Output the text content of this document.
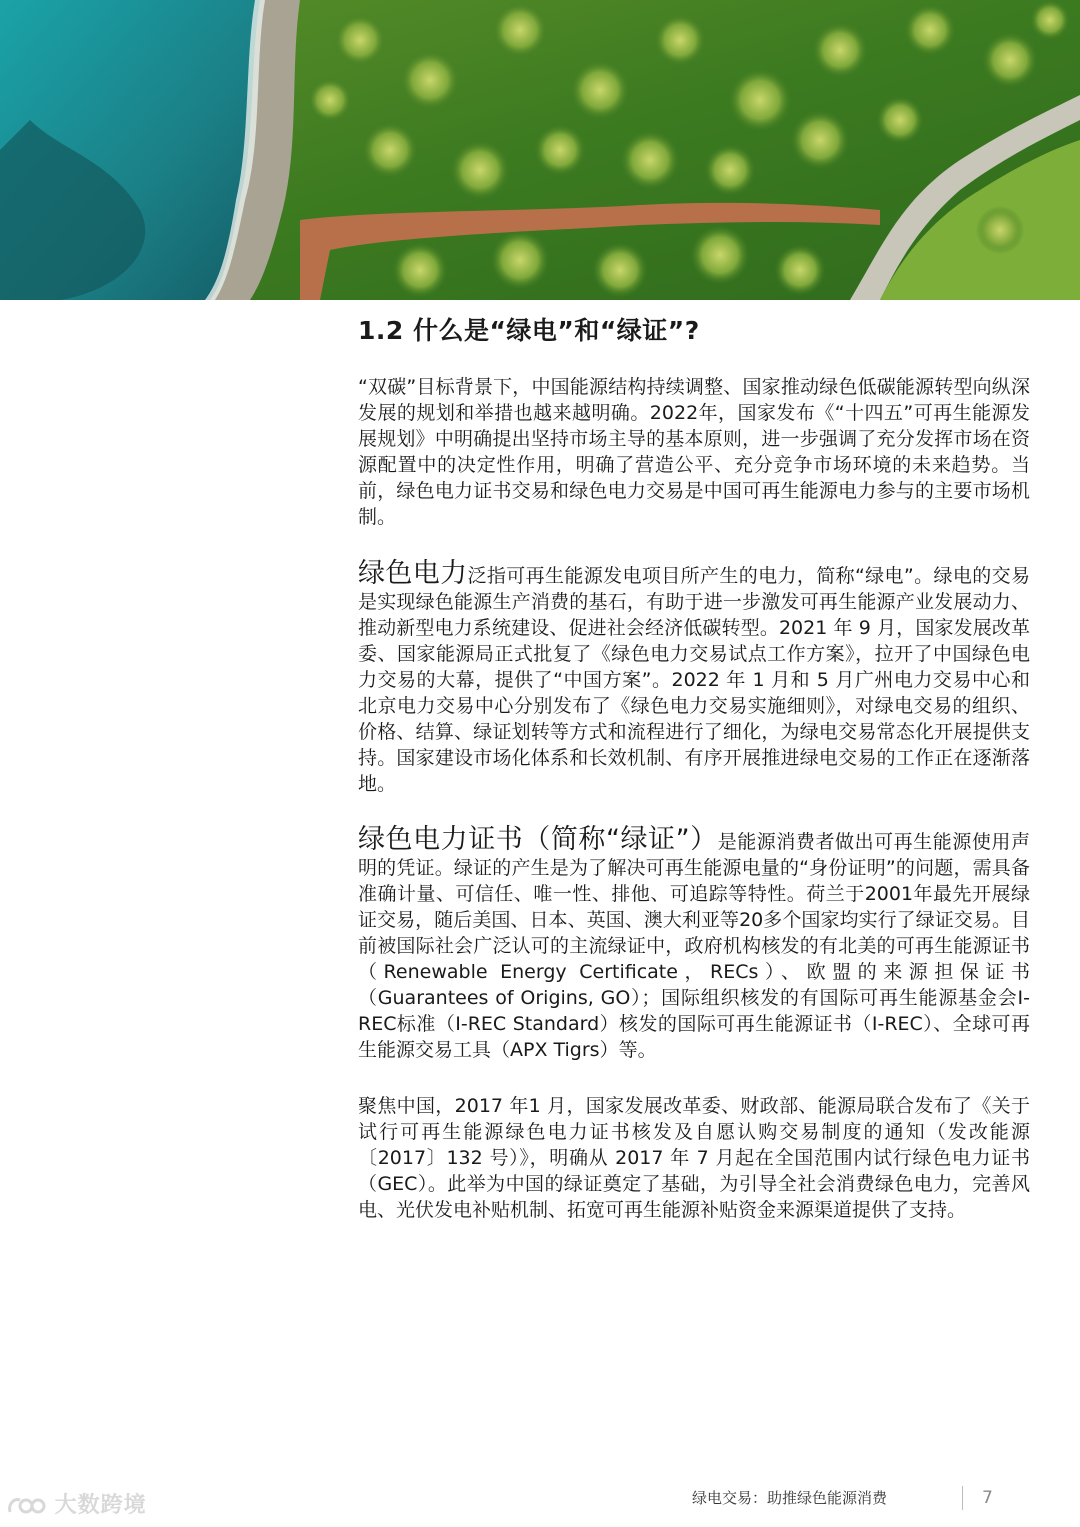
1.2 什么是“绿电”和“绿证”?

“双碳”目标背景下，中国能源结构持续调整、国家推动绿色低碳能源转型向纵深发展的规划和举措也越来越明确。2022年，国家发布《“十四五”可再生能源发展规划》中明确提出坚持市场主导的基本原则，进一步强调了充分发挥市场在资源配置中的决定性作用，明确了营造公平、充分竞争市场环境的未来趋势。当前，绿色电力证书交易和绿色电力交易是中国可再生能源电力参与的主要市场机制。

绿色电力泛指可再生能源发电项目所产生的电力，简称“绿电”。绿电的交易是实现绿色能源生产消费的基石，有助于进一步激发可再生能源产业发展动力、推动新型电力系统建设、促进社会经济低碳转型。2021 年 9 月，国家发展改革委、国家能源局正式批复了《绿色电力交易试点工作方案》，拉开了中国绿色电力交易的大幕，提供了“中国方案”。2022 年 1 月和 5 月广州电力交易中心和北京电力交易中心分别发布了《绿色电力交易实施细则》，对绿电交易的组织、价格、结算、绿证划转等方式和流程进行了细化，为绿电交易常态化开展提供支持。国家建设市场化体系和长效机制、有序开展推进绿电交易的工作正在逐渐落地。

绿色电力证书（简称“绿证”）是能源消费者做出可再生能源使用声明的凭证。绿证的产生是为了解决可再生能源电量的“身份证明”的问题，需具备准确计量、可信任、唯一性、排他、可追踪等特性。荷兰于2001年最先开展绿证交易，随后美国、日本、英国、澳大利亚等20多个国家均实行了绿证交易。目前被国际社会广泛认可的主流绿证中，政府机构核发的有北美的可再生能源证书（Renewable Energy Certificate，RECs）、欧盟的来源担保证书（Guarantees of Origins, GO）；国际组织核发的有国际可再生能源基金会I-REC标准（I-REC Standard）核发的国际可再生能源证书（I-REC）、全球可再生能源交易工具（APX Tigrs）等。

聚焦中国，2017 年1 月，国家发展改革委、财政部、能源局联合发布了《关于试行可再生能源绿色电力证书核发及自愿认购交易制度的通知（发改能源〔2017〕132 号）》，明确从 2017 年 7 月起在全国范围内试行绿色电力证书（GEC）。此举为中国的绿证奠定了基础，为引导全社会消费绿色电力，完善风电、光伏发电补贴机制、拓宽可再生能源补贴资金来源渠道提供了支持。

绿电交易：助推绿色能源消费	7
大数跨境
